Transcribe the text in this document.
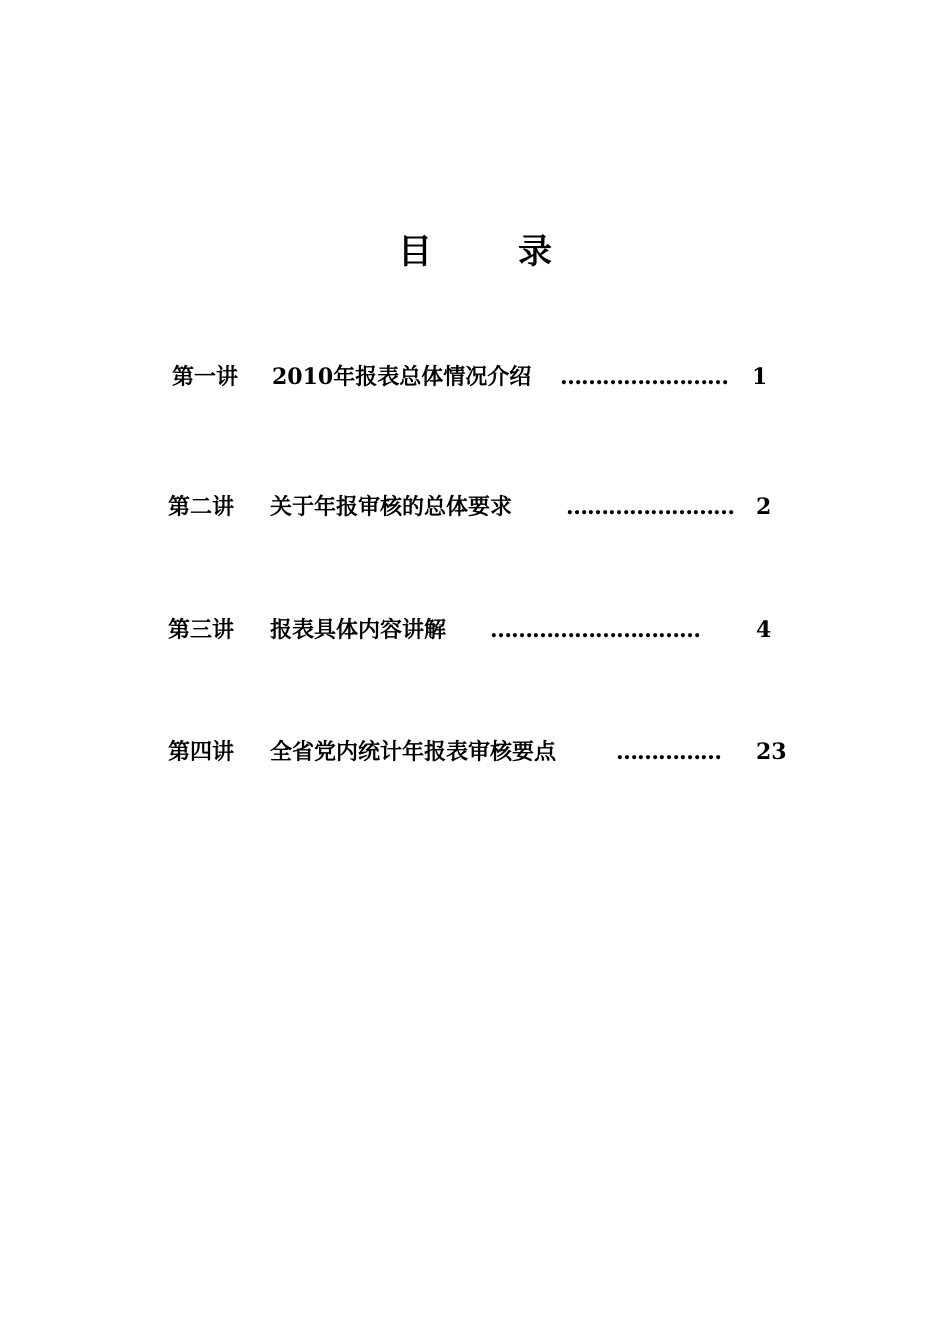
目	录
第一讲 2010年报表总体情况介绍 …………………… 1
第二讲 关于年报审核的总体要求 …………………… 2
第三讲 报表具体内容讲解 …………………………	4
第四讲 全省党内统计年报表审核要点	…………… 23
